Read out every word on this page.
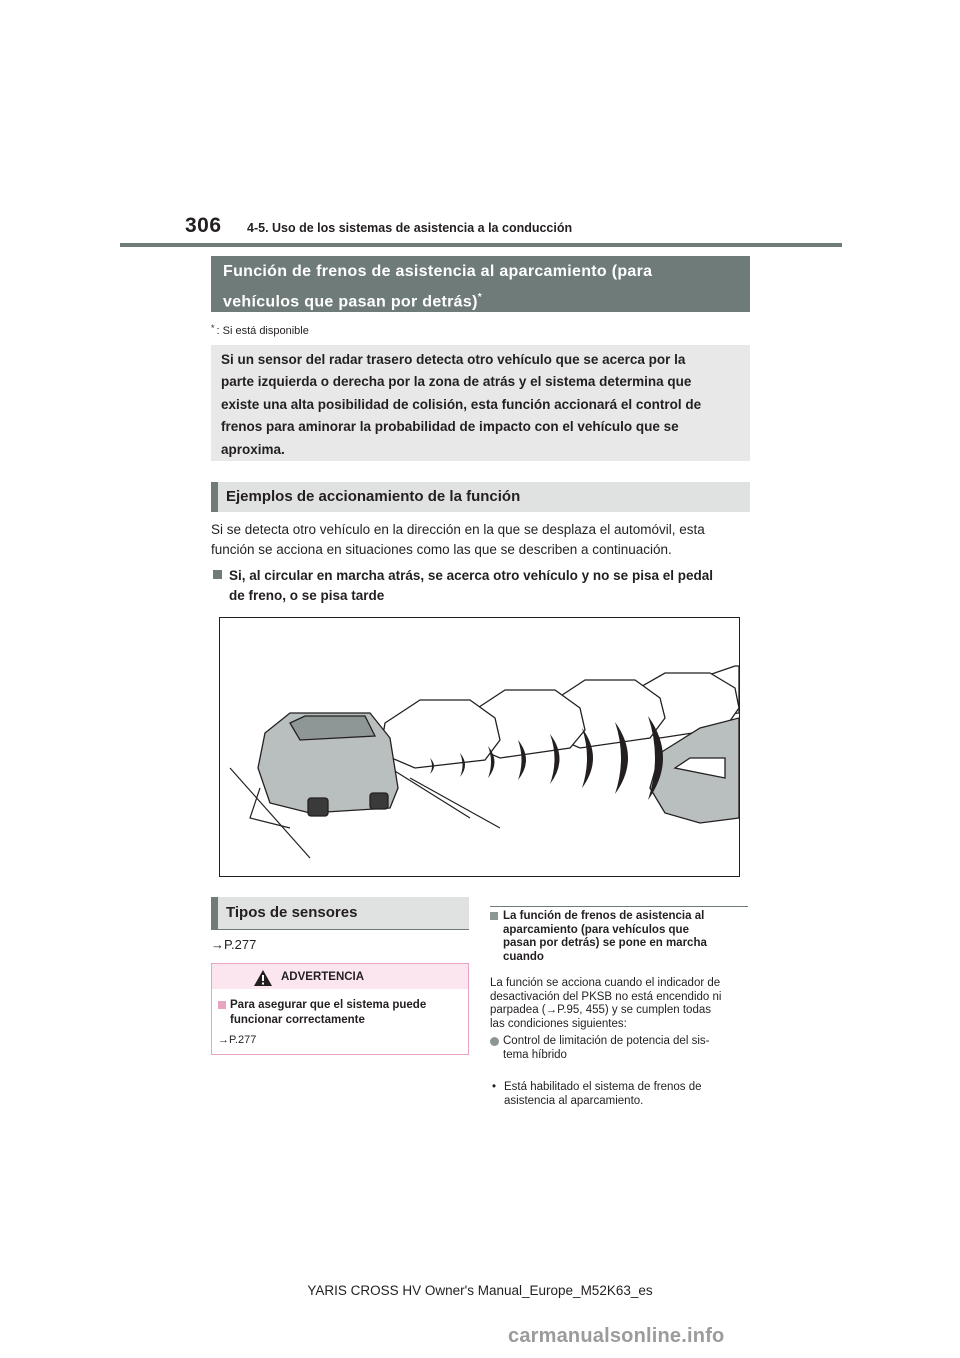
306 4-5. Uso de los sistemas de asistencia a la conducción
Función de frenos de asistencia al aparcamiento (para
vehículos que pasan por detrás)*
* : Si está disponible
Si un sensor del radar trasero detecta otro vehículo que se acerca por la
parte izquierda o derecha por la zona de atrás y el sistema determina que
existe una alta posibilidad de colisión, esta función accionará el control de
frenos para aminorar la probabilidad de impacto con el vehículo que se
aproxima.
Ejemplos de accionamiento de la función
Si se detecta otro vehículo en la dirección en la que se desplaza el automóvil, esta
función se acciona en situaciones como las que se describen a continuación.

Si, al circular en marcha atrás, se acerca otro vehículo y no se pisa el pedal
de freno, o se pisa tarde
Tipos de sensores
→P.277
ADVERTENCIA
Para asegurar que el sistema puede
funcionar correctamente
→P.277
La función de frenos de asistencia al
aparcamiento (para vehículos que
pasan por detrás) se pone en marcha
cuando
La función se acciona cuando el indicador de
desactivación del PKSB no está encendido ni
parpadea (→P.95, 455) y se cumplen todas
las condiciones siguientes:
Control de limitación de potencia del sis-
tema híbrido
• Está habilitado el sistema de frenos de
asistencia al aparcamiento.
YARIS CROSS HV Owner's Manual_Europe_M52K63_es
carmanualsonline.info
